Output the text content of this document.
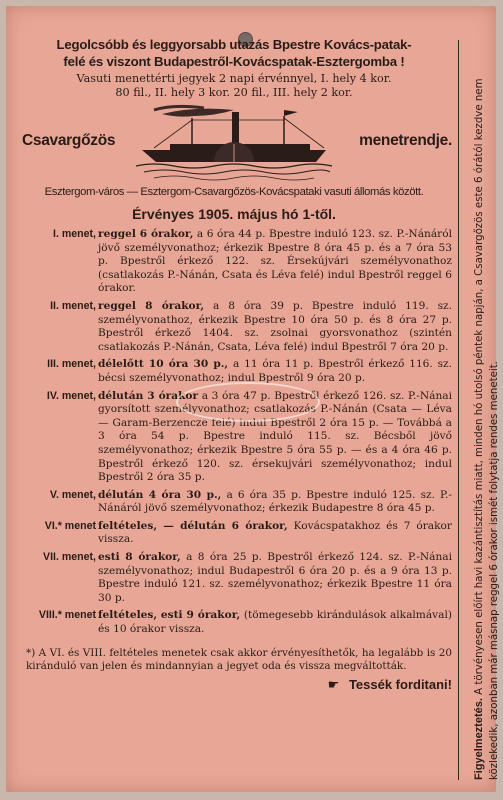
Legolcsóbb és leggyorsabb utazás Bpestre Kovács-patak-
felé és viszont Budapestről-Kovácspatak-Esztergomba !
Vasuti menettérti jegyek 2 napi érvénnyel, I. hely 4 kor.
80 fil., II. hely 3 kor. 20 fil., III. hely 2 kor.
Csavargőzös	menetrendje.
Esztergom-város — Esztergom-Csavargőzös-Kovácspataki vasuti állomás között.
Érvényes 1905. május hó 1-től.
I. menet, reggel 6 órakor, a 6 óra 44 p. Bpestre induló 123. sz. P.-Nánáról jövő személyvonathoz; érkezik Bpestre 8 óra 45 p. és a 7 óra 53 p. Bpestről érkező 122. sz. Érsekújvári személyvonathoz (csatlakozás P.-Nánán, Csata és Léva felé) indul Bpestről reggel 6 órakor.
II. menet, reggel 8 órakor, a 8 óra 39 p. Bpestre induló 119. sz. személyvonathoz, érkezik Bpestre 10 óra 50 p. és 8 óra 27 p. Bpestről érkező 1404. sz. zsolnai gyorsvonathoz (szintén csatlakozás P.-Nánán, Csata, Léva felé) indul Bpestről 7 óra 20 p.
III. menet, délelőtt 10 óra 30 p., a 11 óra 11 p. Bpestről érkező 116. sz. bécsi személyvonathoz; indul Bpestről 9 óra 20 p.
IV. menet, délután 3 órakor a 3 óra 47 p. Bpestről érkező 126. sz. P.-Nánai gyorsított személyvonathoz; csatlakozás P.-Nánán (Csata — Léva — Garam-Berzencze felé) indul Bpestről 2 óra 15 p. — Továbbá a 3 óra 54 p. Bpestre induló 115. sz. Bécsből jövő személyvonathoz; érkezik Bpestre 5 óra 55 p. — és a 4 óra 46 p. Bpestről érkező 120. sz. érsekujvári személyvonathoz; indul Bpestről 2 óra 35 p.
V. menet, délután 4 óra 30 p., a 6 óra 35 p. Bpestre induló 125. sz. P.-Nánáról jövő személyvonathoz; érkezik Budapestre 8 óra 45 p.
VI.* menet feltételes, — délután 6 órakor, Kovácspatakhoz és 7 órakor vissza.
VII. menet, esti 8 órakor, a 8 óra 25 p. Bpestről érkező 124. sz. P.-Nánai személyvonathoz; indul Budapestről 6 óra 20 p. és a 9 óra 13 p. Bpestre induló 121. sz. személyvonathoz; érkezik Bpestre 11 óra 30 p.
VIII.* menet feltételes, esti 9 órakor, (tömegesebb kirándulások alkalmával) és 10 órakor vissza.
*) A VI. és VIII. feltételes menetek csak akkor érvényesíthetők, ha legalább is 20 kiránduló van jelen és mindannyian a jegyet oda és vissza megváltották.
☛ Tessék forditani!
Figyelmeztetés. A törvényesen előírt havi kazántisztítás miatt, minden hó utolsó péntek napján, a Csavargőzös este 6 órától kezdve nem közlekedik, azonban már másnap reggel 6 órakor ismét folytatja rendes meneteit.
